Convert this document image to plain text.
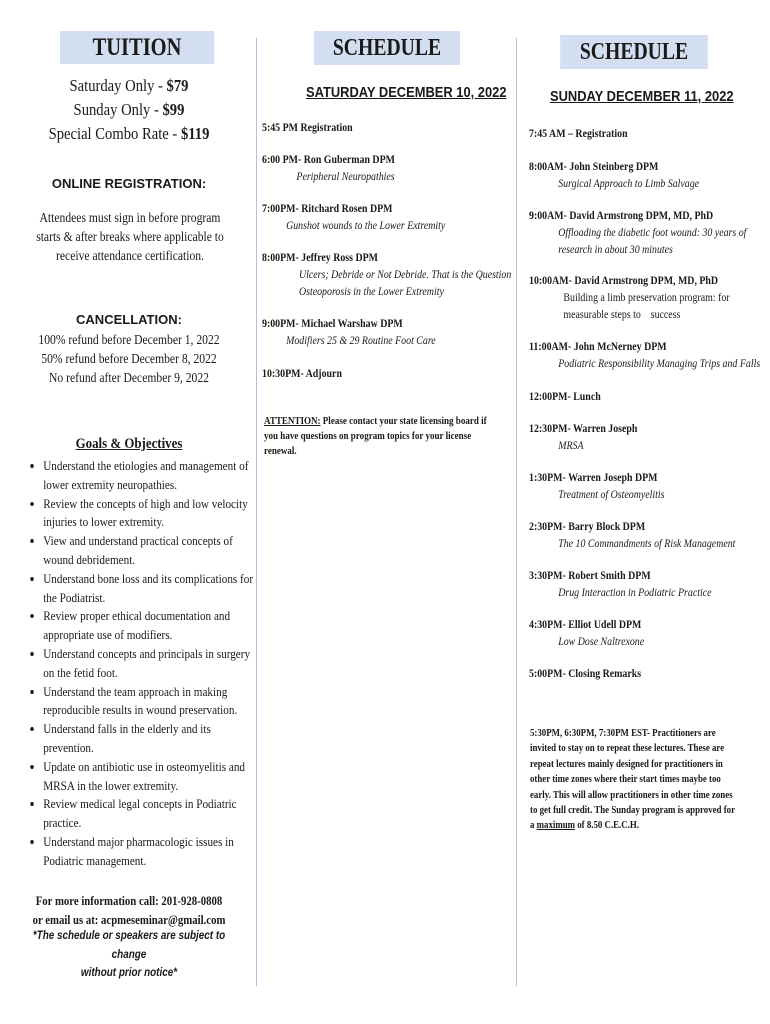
TUITION
Saturday Only - $79
Sunday Only - $99
Special Combo Rate - $119
ONLINE REGISTRATION:
Attendees must sign in before program starts & after breaks where applicable to receive attendance certification.
CANCELLATION:
100% refund before December 1, 2022
50% refund before December 8, 2022
No refund after December 9, 2022
Goals & Objectives
• Understand the etiologies and management of lower extremity neuropathies.
• Review the concepts of high and low velocity injuries to lower extremity.
• View and understand practical concepts of wound debridement.
• Understand bone loss and its complications for the Podiatrist.
• Review proper ethical documentation and appropriate use of modifiers.
• Understand concepts and principals in surgery on the fetid foot.
• Understand the team approach in making reproducible results in wound preservation.
• Understand falls in the elderly and its prevention.
• Update on antibiotic use in osteomyelitis and MRSA in the lower extremity.
• Review medical legal concepts in Podiatric practice.
• Understand major pharmacologic issues in Podiatric management.
For more information call: 201-928-0808
or email us at: acpmeseminar@gmail.com
*The schedule or speakers are subject to change
without prior notice*
SCHEDULE
SATURDAY DECEMBER 10, 2022
5:45 PM Registration
6:00 PM- Ron Guberman DPM
Peripheral Neuropathies
7:00PM- Ritchard Rosen DPM
Gunshot wounds to the Lower Extremity
8:00PM- Jeffrey Ross DPM
Ulcers; Debride or Not Debride. That is the Question
Osteoporosis in the Lower Extremity
9:00PM- Michael Warshaw DPM
Modifiers 25 & 29 Routine Foot Care
10:30PM- Adjourn
ATTENTION: Please contact your state licensing board if you have questions on program topics for your license renewal.
SCHEDULE
SUNDAY DECEMBER 11, 2022
7:45 AM – Registration
8:00AM- John Steinberg DPM
Surgical Approach to Limb Salvage
9:00AM- David Armstrong DPM, MD, PhD
Offloading the diabetic foot wound: 30 years of
research in about 30 minutes
10:00AM- David Armstrong DPM, MD, PhD
Building a limb preservation program: for
measurable steps to    success
11:00AM- John McNerney DPM
Podiatric Responsibility Managing Trips and Falls
12:00PM- Lunch
12:30PM- Warren Joseph
MRSA
1:30PM- Warren Joseph DPM
Treatment of Osteomyelitis
2:30PM- Barry Block DPM
The 10 Commandments of Risk Management
3:30PM- Robert Smith DPM
Drug Interaction in Podiatric Practice
4:30PM- Elliot Udell DPM
Low Dose Naltrexone
5:00PM- Closing Remarks
5:30PM, 6:30PM, 7:30PM EST- Practitioners are invited to stay on to repeat these lectures. These are repeat lectures mainly designed for practitioners in other time zones where their start times maybe too early. This will allow practitioners in other time zones to get full credit. The Sunday program is approved for a maximum of 8.50 C.E.C.H.
